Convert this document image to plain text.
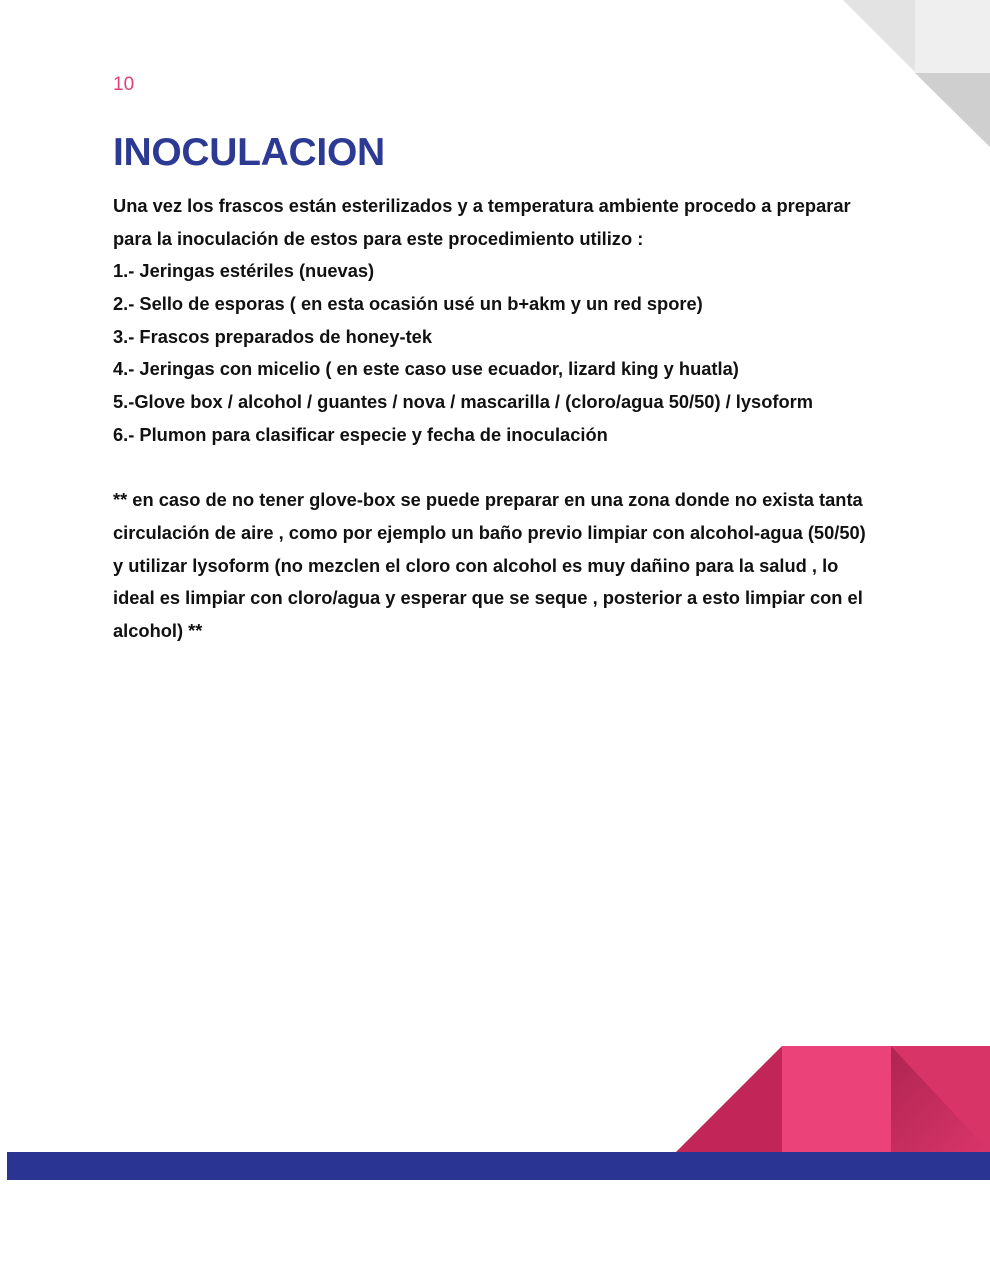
10
INOCULACION
Una vez los frascos están esterilizados y a temperatura ambiente procedo a preparar
para la inoculación de estos para este procedimiento utilizo :
1.- Jeringas estériles (nuevas)
2.- Sello de esporas ( en esta ocasión usé un b+akm y un red spore)
3.- Frascos preparados de honey-tek
4.- Jeringas con micelio ( en este caso use ecuador, lizard king y huatla)
5.-Glove box / alcohol / guantes / nova / mascarilla / (cloro/agua 50/50) / lysoform
6.- Plumon para clasificar especie y fecha de inoculación
** en caso de no tener glove-box se puede preparar en una zona donde no exista tanta
circulación de aire , como por ejemplo un baño previo limpiar con alcohol-agua (50/50)
y utilizar lysoform (no mezclen el cloro con alcohol es muy dañino para la salud , lo
ideal es limpiar con cloro/agua y esperar que se seque , posterior a esto limpiar con el
alcohol) **
